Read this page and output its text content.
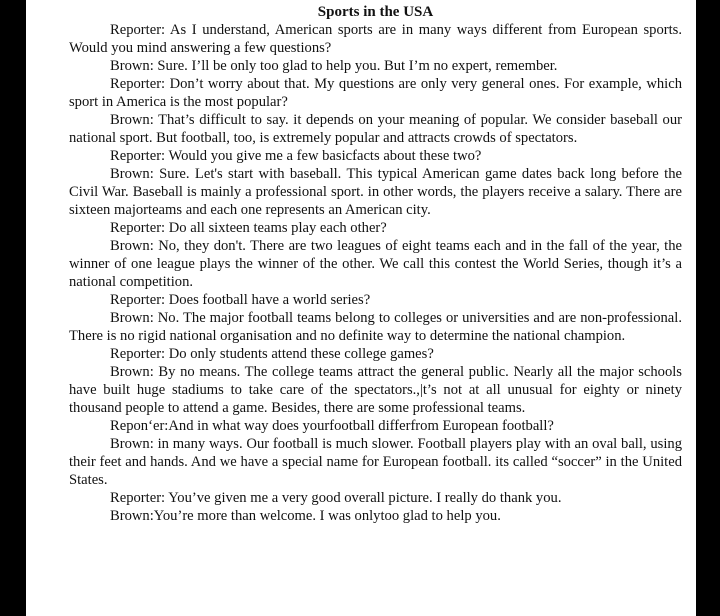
Sports in the USA

Reporter: As I understand, American sports are in many ways different from European sports. Would you mind answering a few questions?

Brown: Sure. I’ll be only too glad to help you. But I’m no expert, remember.

Reporter: Don’t worry about that. My questions are only very general ones. For example, which sport in America is the most popular?

Brown: That’s difficult to say. it depends on your meaning of popular. We consider baseball our national sport. But football, too, is extremely popular and attracts crowds of spectators.

Reporter: Would you give me a few basicfacts about these two?

Brown: Sure. Let's start with baseball. This typical American game dates back long before the Civil War. Baseball is mainly a professional sport. in other words, the players receive a salary. There are sixteen majorteams and each one represents an American city.

Reporter: Do all sixteen teams play each other?

Brown: No, they don't. There are two leagues of eight teams each and in the fall of the year, the winner of one league plays the winner of the other. We call this contest the World Series, though it’s a national competition.

Reporter: Does football have a world series?

Brown: No. The major football teams belong to colleges or universities and are non-professional. There is no rigid national organisation and no definite way to determine the national champion.

Reporter: Do only students attend these college games?

Brown: By no means. The college teams attract the general public. Nearly all the major schools have built huge stadiums to take care of the spectators.,|t’s not at all unusual for eighty or ninety thousand people to attend a game. Besides, there are some professional teams.

Repon‘er:And in what way does yourfootball differfrom European football?

Brown: in many ways. Our football is much slower. Football players play with an oval ball, using their feet and hands. And we have a special name for European football. its called “soccer” in the United States.

Reporter: You’ve given me a very good overall picture. I really do thank you.

Brown:You’re more than welcome. I was onlytoo glad to help you.
